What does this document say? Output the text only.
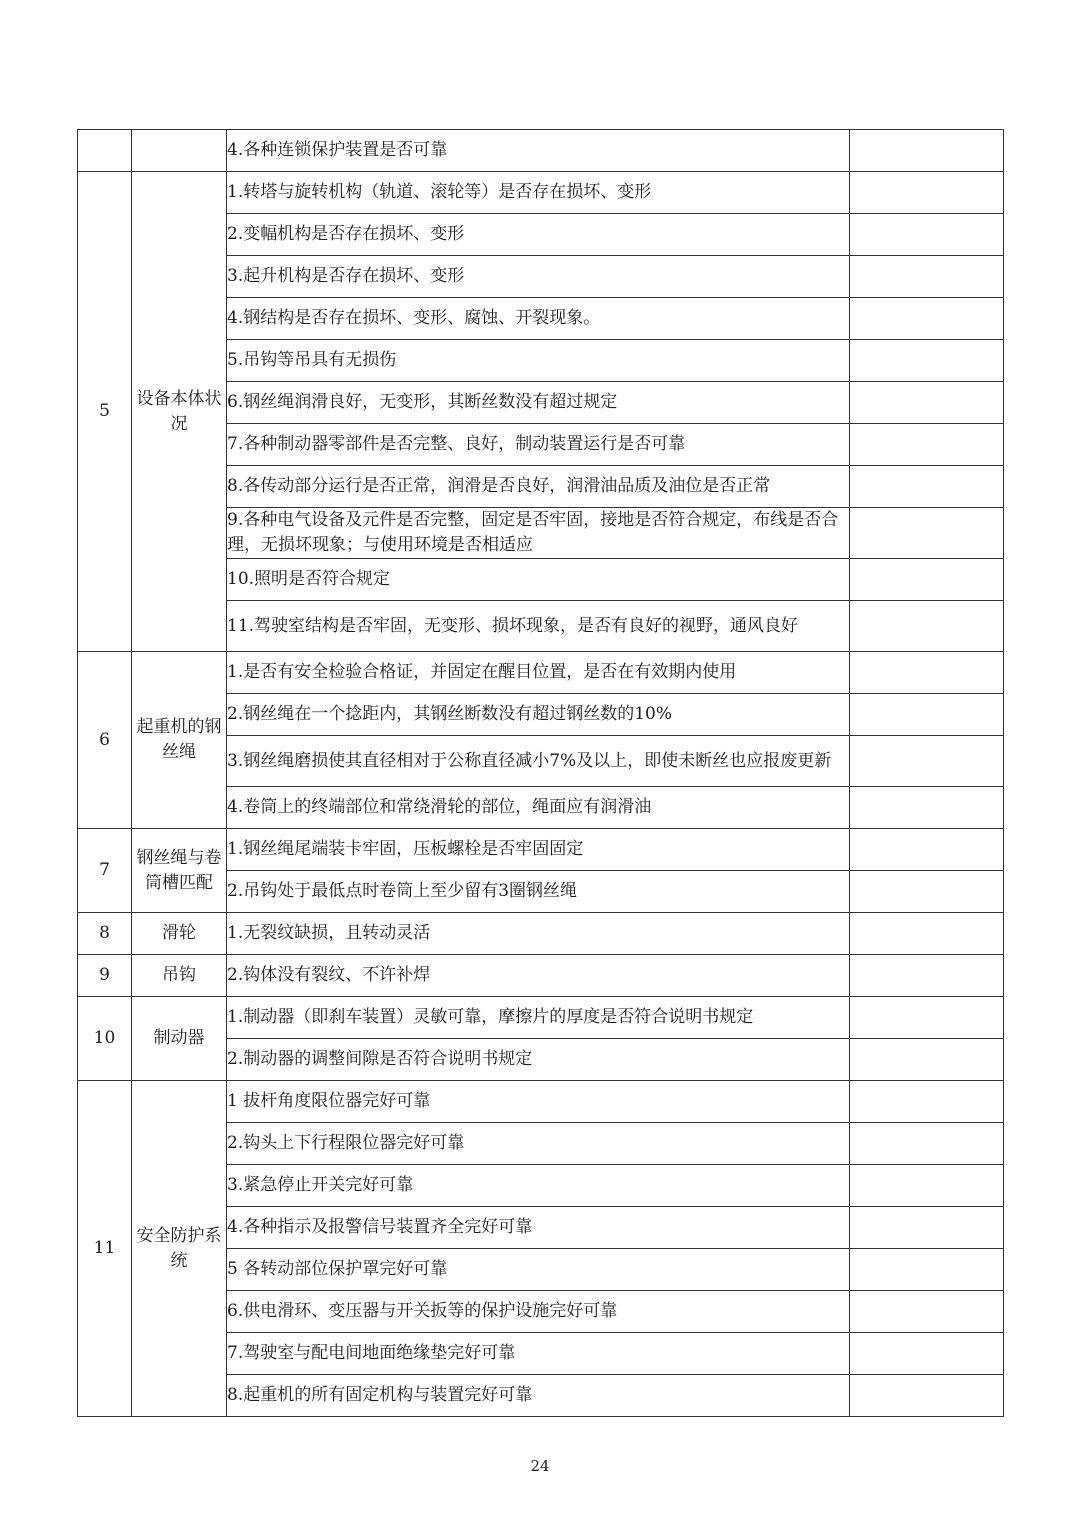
		4.各种连锁保护装置是否可靠	
5	设备本体状况	1.转塔与旋转机构（轨道、滚轮等）是否存在损坏、变形	
		2.变幅机构是否存在损坏、变形	
		3.起升机构是否存在损坏、变形	
		4.钢结构是否存在损坏、变形、腐蚀、开裂现象。	
		5.吊钩等吊具有无损伤	
		6.钢丝绳润滑良好，无变形，其断丝数没有超过规定	
		7.各种制动器零部件是否完整、良好，制动装置运行是否可靠	
		8.各传动部分运行是否正常，润滑是否良好，润滑油品质及油位是否正常	
		9.各种电气设备及元件是否完整，固定是否牢固，接地是否符合规定，布线是否合理，无损坏现象；与使用环境是否相适应	
		10.照明是否符合规定	
		11.驾驶室结构是否牢固，无变形、损坏现象，是否有良好的视野，通风良好	
6	起重机的钢丝绳	1.是否有安全检验合格证，并固定在醒目位置，是否在有效期内使用	
		2.钢丝绳在一个捻距内，其钢丝断数没有超过钢丝数的10%	
		3.钢丝绳磨损使其直径相对于公称直径减小7%及以上，即使未断丝也应报废更新	
		4.卷筒上的终端部位和常绕滑轮的部位，绳面应有润滑油	
7	钢丝绳与卷筒槽匹配	1.钢丝绳尾端装卡牢固，压板螺栓是否牢固固定	
		2.吊钩处于最低点时卷筒上至少留有3圈钢丝绳	
8	滑轮	1.无裂纹缺损，且转动灵活	
9	吊钩	2.钩体没有裂纹、不许补焊	
10	制动器	1.制动器（即刹车装置）灵敏可靠，摩擦片的厚度是否符合说明书规定	
		2.制动器的调整间隙是否符合说明书规定	
11	安全防护系统	1 拔杆角度限位器完好可靠	
		2.钩头上下行程限位器完好可靠	
		3.紧急停止开关完好可靠	
		4.各种指示及报警信号装置齐全完好可靠	
		5 各转动部位保护罩完好可靠	
		6.供电滑环、变压器与开关扳等的保护设施完好可靠	
		7.驾驶室与配电间地面绝缘垫完好可靠	
		8.起重机的所有固定机构与装置完好可靠	
24
